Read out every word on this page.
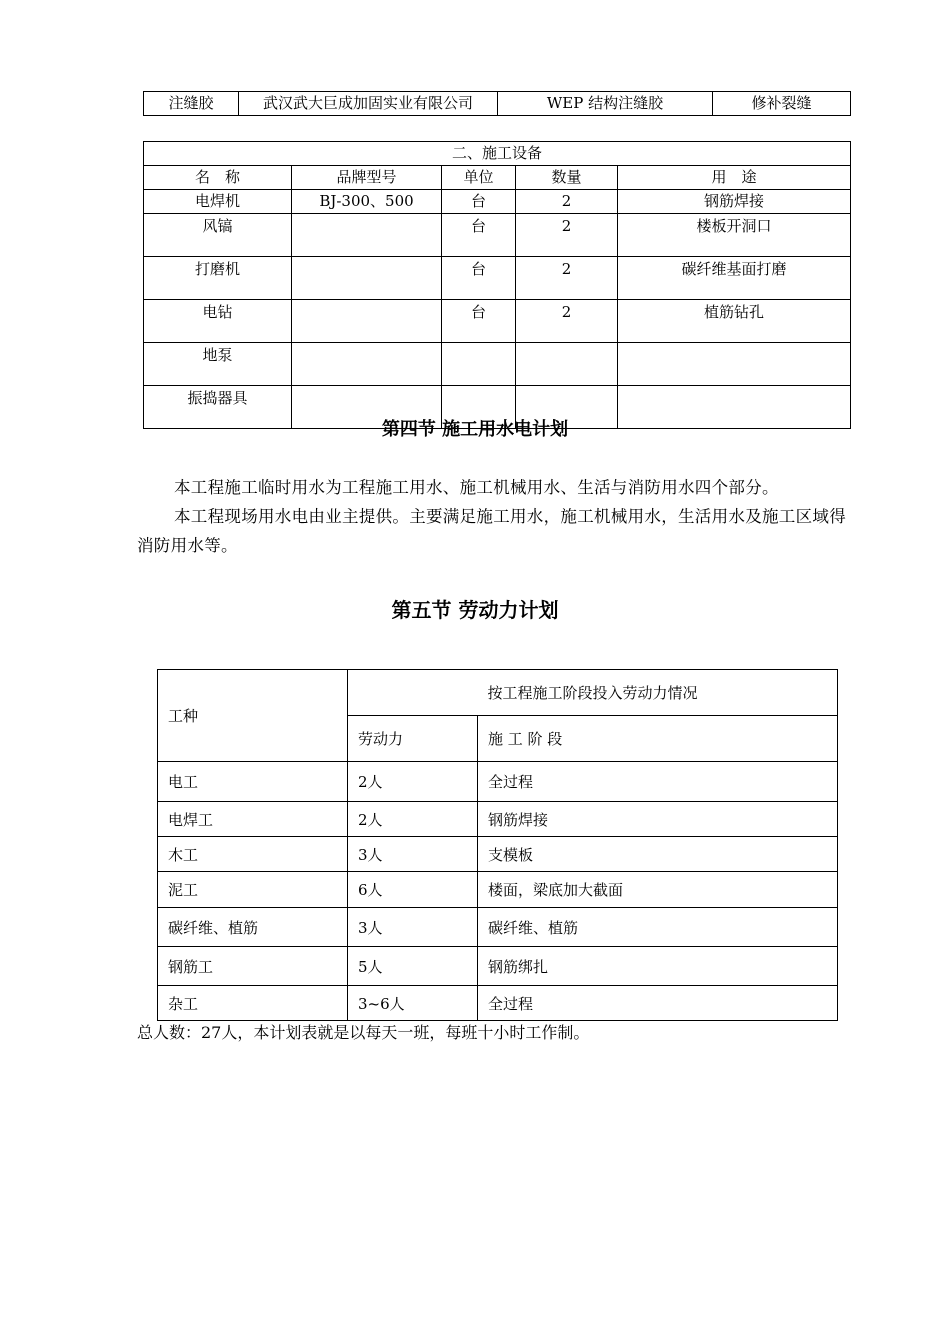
注缝胶	武汉武大巨成加固实业有限公司	WEP 结构注缝胶	修补裂缝
二、施工设备				
名　称	品牌型号	单位	数量	用　途
电焊机	BJ-300、500	台	2	钢筋焊接
风镐		台	2	楼板开洞口
打磨机		台	2	碳纤维基面打磨
电钻		台	2	植筋钻孔
地泵				
振捣器具				
第四节 施工用水电计划
本工程施工临时用水为工程施工用水、施工机械用水、生活与消防用水四个部分。
本工程现场用水电由业主提供。主要满足施工用水，施工机械用水，生活用水及施工区域得消防用水等。
第五节 劳动力计划
工种	按工程施工阶段投入劳动力情况	
	劳动力	施 工 阶 段
电工	2人	全过程
电焊工	2人	钢筋焊接
木工	3人	支模板
泥工	6人	楼面，梁底加大截面
碳纤维、植筋	3人	碳纤维、植筋
钢筋工	5人	钢筋绑扎
杂工	3~6人	全过程
总人数：27人，本计划表就是以每天一班，每班十小时工作制。
